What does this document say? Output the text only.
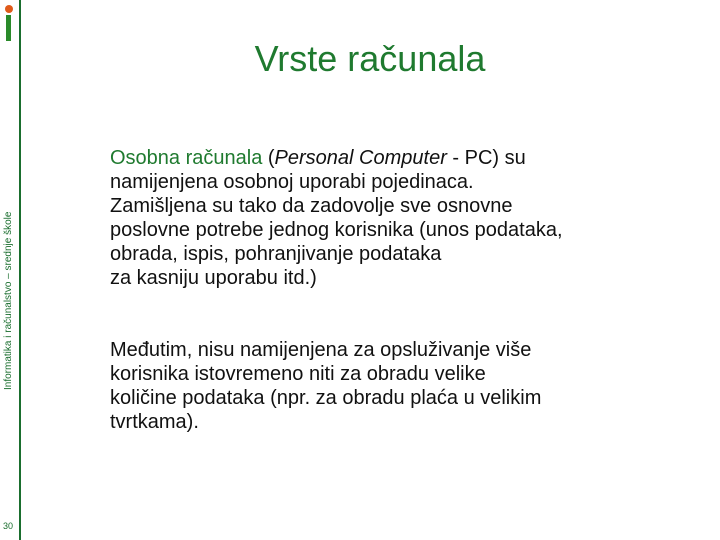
Informatika i računalstvo – srednje škole
30
Vrste računala
Osobna računala (Personal Computer - PC) su
namijenjena osobnoj uporabi pojedinaca.
Zamišljena su tako da zadovolje sve osnovne
poslovne potrebe jednog korisnika (unos podataka,
obrada, ispis, pohranjivanje podataka
za kasniju uporabu itd.)
Međutim, nisu namijenjena za opsluživanje više
korisnika istovremeno niti za obradu velike
količine podataka (npr. za obradu plaća u velikim
tvrtkama).
